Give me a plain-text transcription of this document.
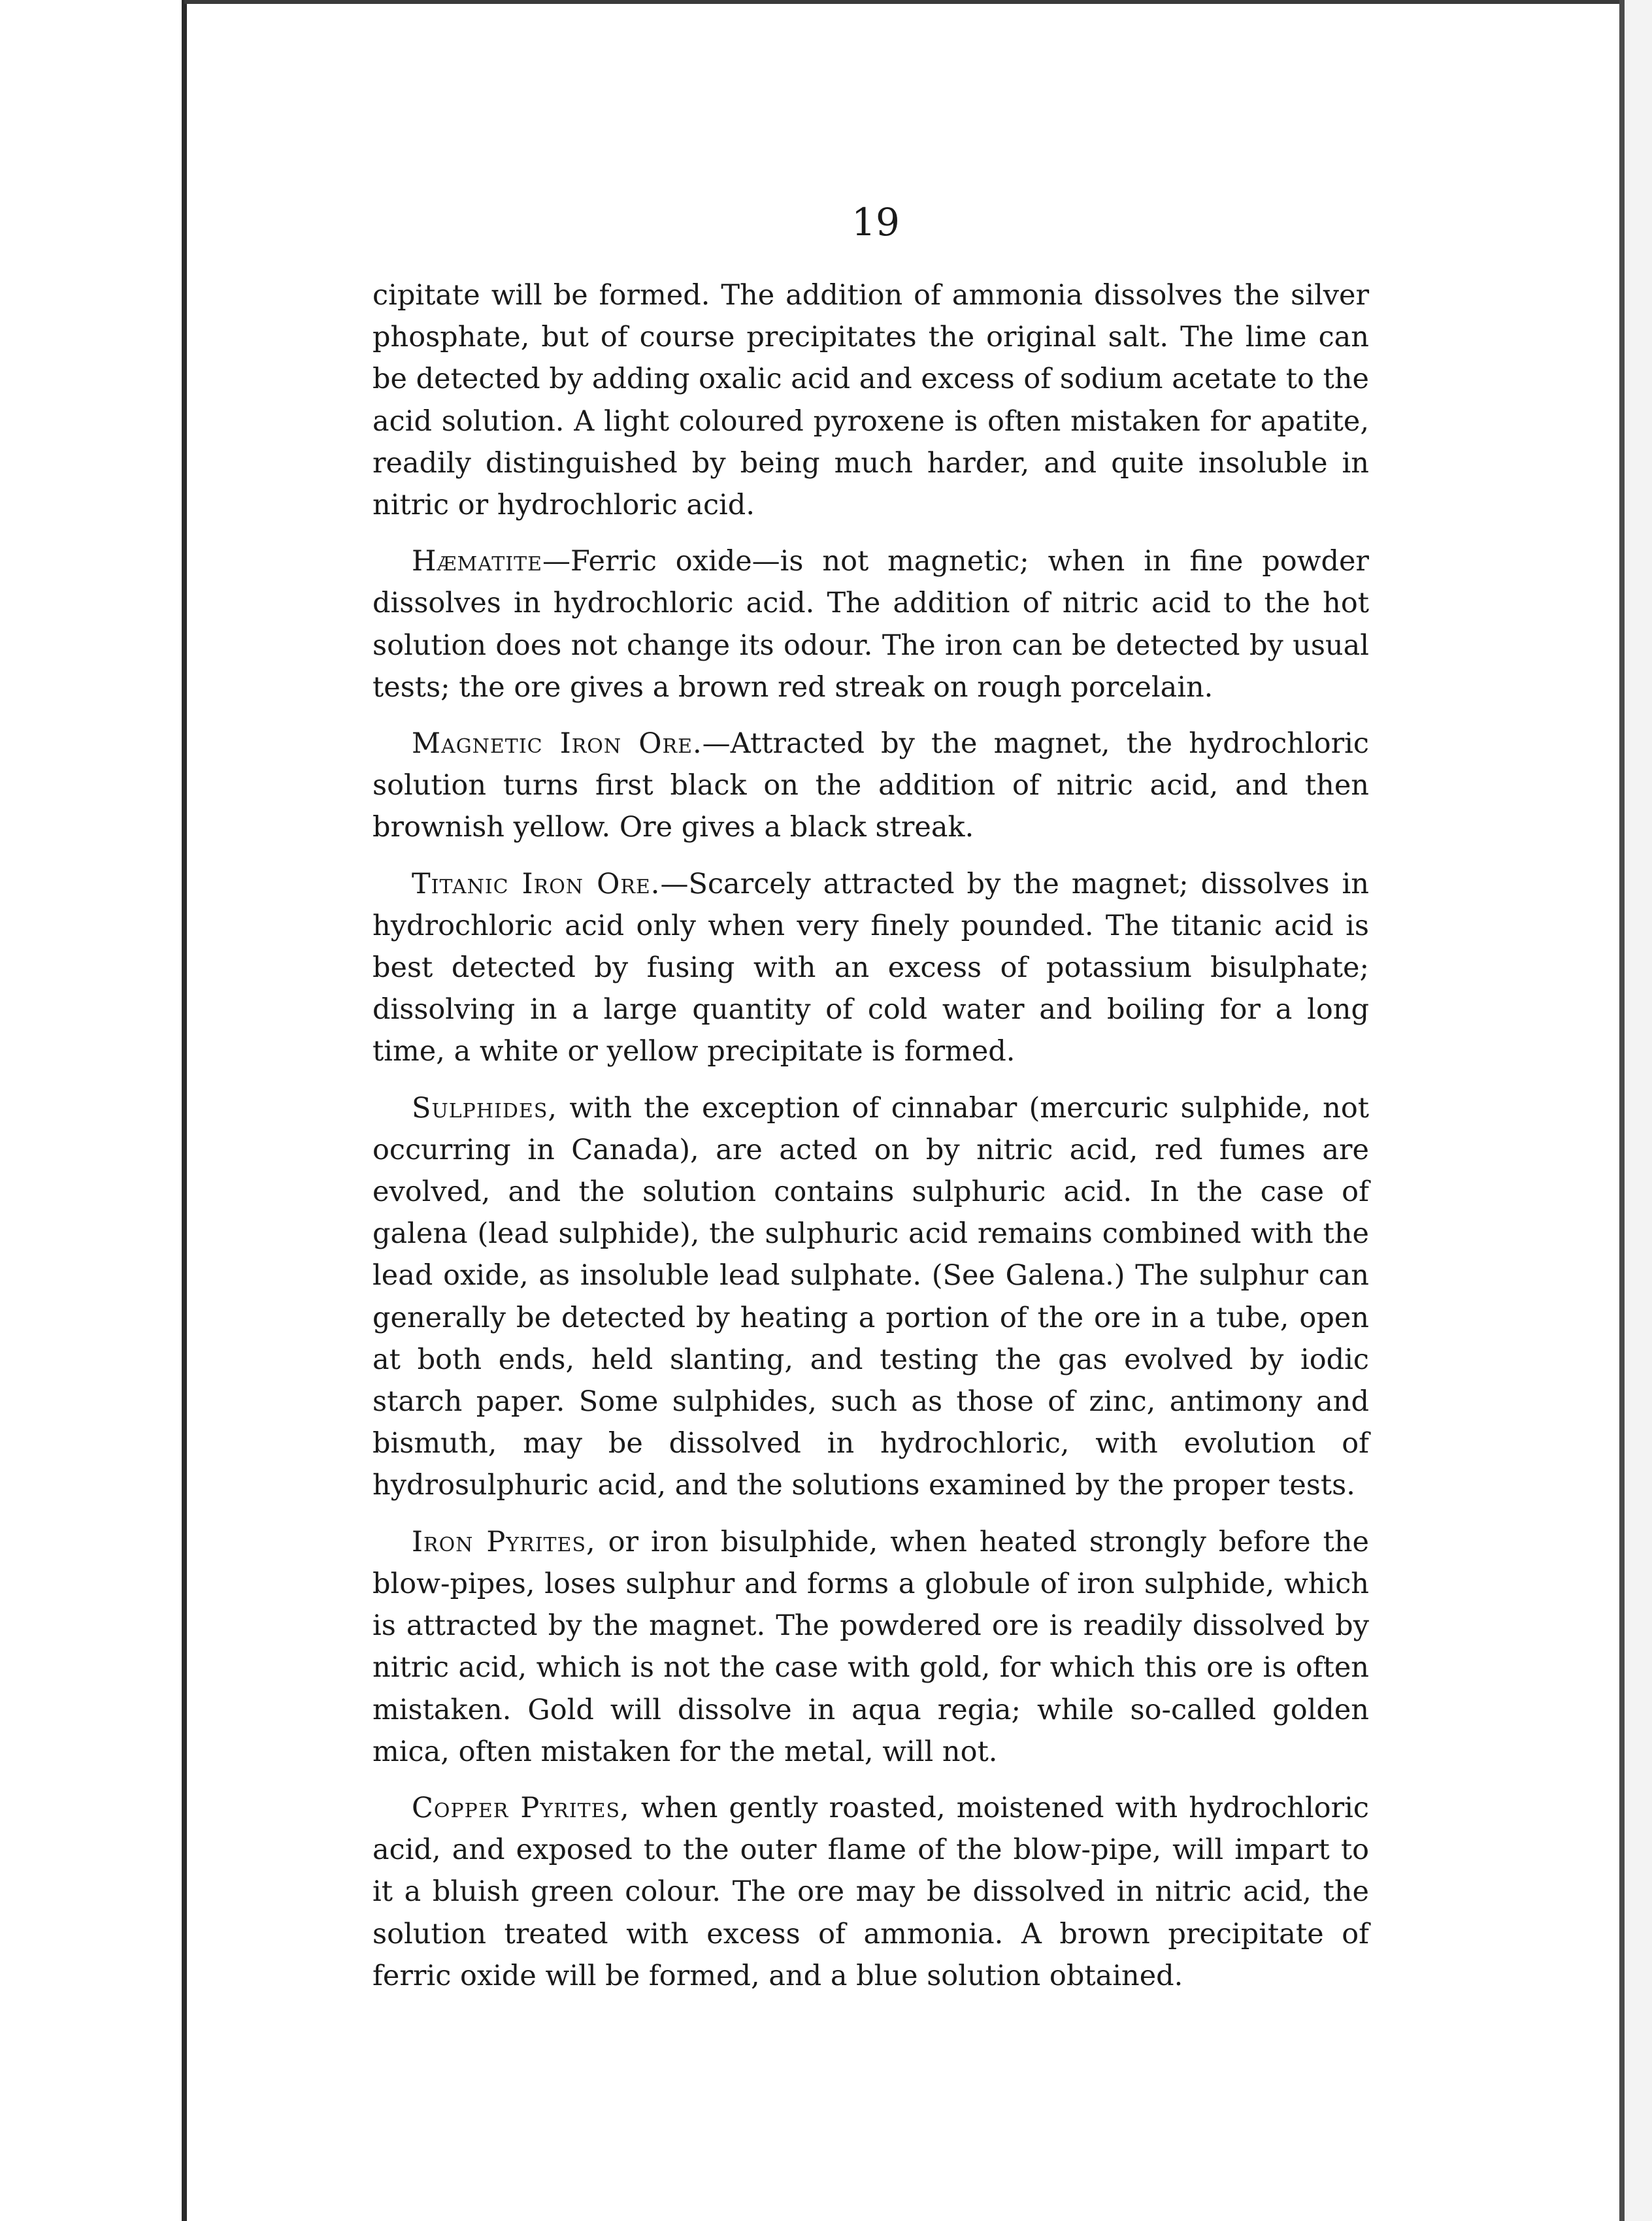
19

cipitate will be formed. The addition of ammonia dissolves the silver phosphate, but of course precipitates the original salt. The lime can be detected by adding oxalic acid and excess of sodium acetate to the acid solution. A light coloured pyroxene is often mistaken for apatite, readily distinguished by being much harder, and quite insoluble in nitric or hydrochloric acid.

Hæmatite—Ferric oxide—is not magnetic; when in fine powder dissolves in hydrochloric acid. The addition of nitric acid to the hot solution does not change its odour. The iron can be detected by usual tests; the ore gives a brown red streak on rough porcelain.

Magnetic Iron Ore.—Attracted by the magnet, the hydrochloric solution turns first black on the addition of nitric acid, and then brownish yellow. Ore gives a black streak.

Titanic Iron Ore.—Scarcely attracted by the magnet; dissolves in hydrochloric acid only when very finely pounded. The titanic acid is best detected by fusing with an excess of potassium bisulphate; dissolving in a large quantity of cold water and boiling for a long time, a white or yellow precipitate is formed.

Sulphides, with the exception of cinnabar (mercuric sulphide, not occurring in Canada), are acted on by nitric acid, red fumes are evolved, and the solution contains sulphuric acid. In the case of galena (lead sulphide), the sulphuric acid remains combined with the lead oxide, as insoluble lead sulphate. (See Galena.) The sulphur can generally be detected by heating a portion of the ore in a tube, open at both ends, held slanting, and testing the gas evolved by iodic starch paper. Some sulphides, such as those of zinc, antimony and bismuth, may be dissolved in hydrochloric, with evolution of hydrosulphuric acid, and the solutions examined by the proper tests.

Iron Pyrites, or iron bisulphide, when heated strongly before the blow-pipes, loses sulphur and forms a globule of iron sulphide, which is attracted by the magnet. The powdered ore is readily dissolved by nitric acid, which is not the case with gold, for which this ore is often mistaken. Gold will dissolve in aqua regia; while so-called golden mica, often mistaken for the metal, will not.

Copper Pyrites, when gently roasted, moistened with hydrochloric acid, and exposed to the outer flame of the blow-pipe, will impart to it a bluish green colour. The ore may be dissolved in nitric acid, the solution treated with excess of ammonia. A brown precipitate of ferric oxide will be formed, and a blue solution obtained.
